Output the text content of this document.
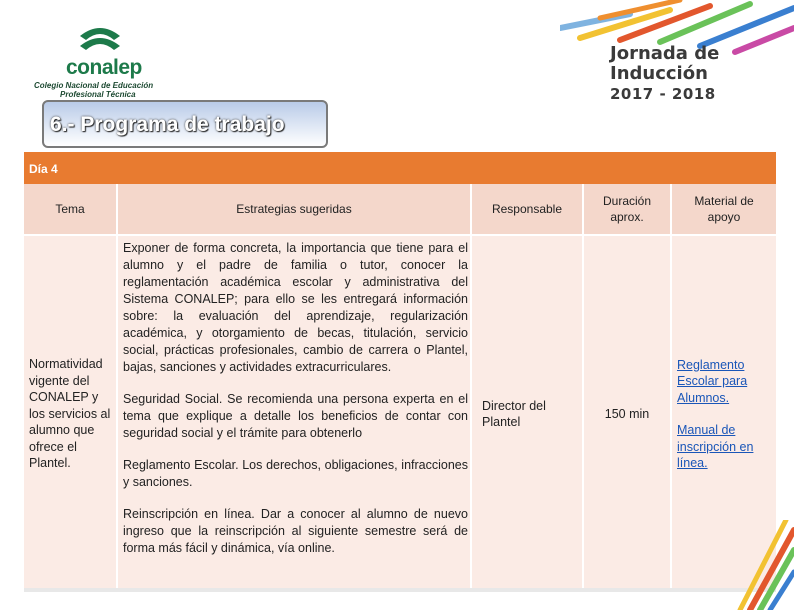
conalep
Colegio Nacional de Educación
Profesional Técnica
Jornada de
Inducción
2017 - 2018
6.- Programa de trabajo
Día 4
Tema	Estrategias sugeridas	Responsable
Duración aprox.
Material de apoyo
Normatividad vigente del CONALEP y los servicios al alumno que ofrece el Plantel.

Exponer de forma concreta, la importancia que tiene para el alumno y el padre de familia o tutor, conocer la reglamentación académica escolar y administrativa del Sistema CONALEP; para ello se les entregará información sobre: la evaluación del aprendizaje, regularización académica, y otorgamiento de becas, titulación, servicio social, prácticas profesionales, cambio de carrera o Plantel, bajas, sanciones y actividades extracurriculares.

Seguridad Social. Se recomienda una persona experta en el tema que explique a detalle los beneficios de contar con seguridad social y el trámite para obtenerlo

Reglamento Escolar. Los derechos, obligaciones, infracciones y sanciones.

Reinscripción en línea. Dar a conocer al alumno de nuevo ingreso que la reinscripción al siguiente semestre será de forma más fácil y dinámica, vía online.

Director del Plantel
150 min
Reglamento Escolar para Alumnos.
Manual de inscripción en línea.
